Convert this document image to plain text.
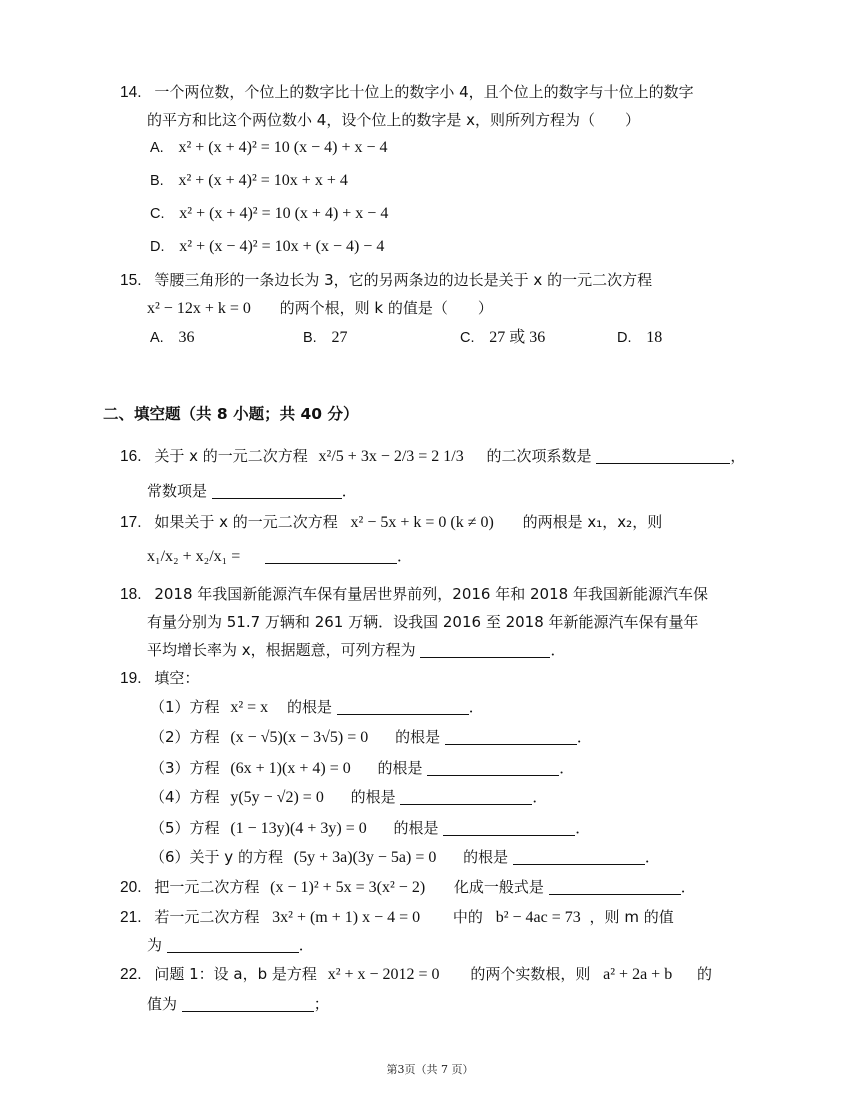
14. 一个两位数，个位上的数字比十位上的数字小 4，且个位上的数字与十位上的数字
的平方和比这个两位数小 4，设个位上的数字是 x，则所列方程为（　　）
A. x² + (x + 4)² = 10 (x − 4) + x − 4
B. x² + (x + 4)² = 10x + x + 4
C. x² + (x + 4)² = 10 (x + 4) + x − 4
D. x² + (x − 4)² = 10x + (x − 4) − 4
15. 等腰三角形的一条边长为 3，它的另两条边的边长是关于 x 的一元二次方程
x² − 12x + k = 0 的两个根，则 k 的值是（　　）
A. 36	B. 27	C. 27 或 36	D. 18
二、填空题（共 8 小题；共 40 分）
16. 关于 x 的一元二次方程 x²/5 + 3x − 2/3 = 2 1/3 的二次项系数是	，
常数项是	．
17. 如果关于 x 的一元二次方程 x² − 5x + k = 0 (k ≠ 0) 的两根是 x₁，x₂，则
x₁/x₂ + x₂/x₁ =	．
18. 2018 年我国新能源汽车保有量居世界前列，2016 年和 2018 年我国新能源汽车保
有量分别为 51.7 万辆和 261 万辆．设我国 2016 至 2018 年新能源汽车保有量年
平均增长率为 x，根据题意，可列方程为	．
19. 填空：
（1）方程 x² = x 的根是	．
（2）方程 (x − √5)(x − 3√5) = 0 的根是	．
（3）方程 (6x + 1)(x + 4) = 0 的根是	．
（4）方程 y(5y − √2) = 0 的根是	．
（5）方程 (1 − 13y)(4 + 3y) = 0 的根是	．
（6）关于 y 的方程 (5y + 3a)(3y − 5a) = 0 的根是	．
20. 把一元二次方程 (x − 1)² + 5x = 3(x² − 2) 化成一般式是	．
21. 若一元二次方程 3x² + (m + 1) x − 4 = 0 中的 b² − 4ac = 73 ，则 m 的值
为	．
22. 问题 1：设 a，b 是方程 x² + x − 2012 = 0 的两个实数根，则 a² + 2a + b 的
值为	；
第3页（共 7 页）
